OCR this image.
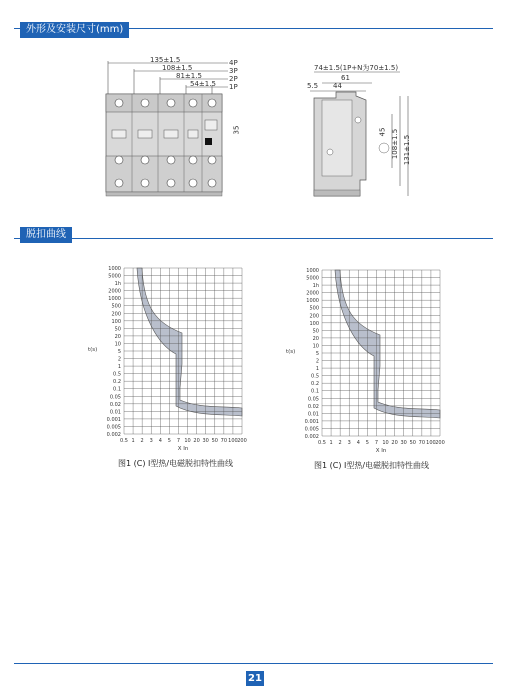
外形及安装尺寸(mm)
135±1.5
108±1.5
81±1.5
54±1.5
4P
3P
2P
1P
35
74±1.5(1P+N为70±1.5)
61
5.5 44
45 108±1.5 131±1.5
脱扣曲线
1000
5000
1h
2000
1000
500
200
100
50
20
10
5
2
1
0.5
0.2
0.1
0.05
0.02
0.01
0.001
0.005
0.002
0.5 1 2 3 4 5 7 10 20 30 50 70 100 200
t(s)
X In
图1 (C) Ⅰ型热/电磁脱扣特性曲线
1000
5000
1h
2000
1000
500
200
100
50
20
10
5
2
1
0.5
0.2
0.1
0.05
0.02
0.01
0.001
0.005
0.002
0.5 1 2 3 4 5 7 10 20 30 50 70 100 200
t(s)
X In
图1 (C) Ⅰ型热/电磁脱扣特性曲线
21
